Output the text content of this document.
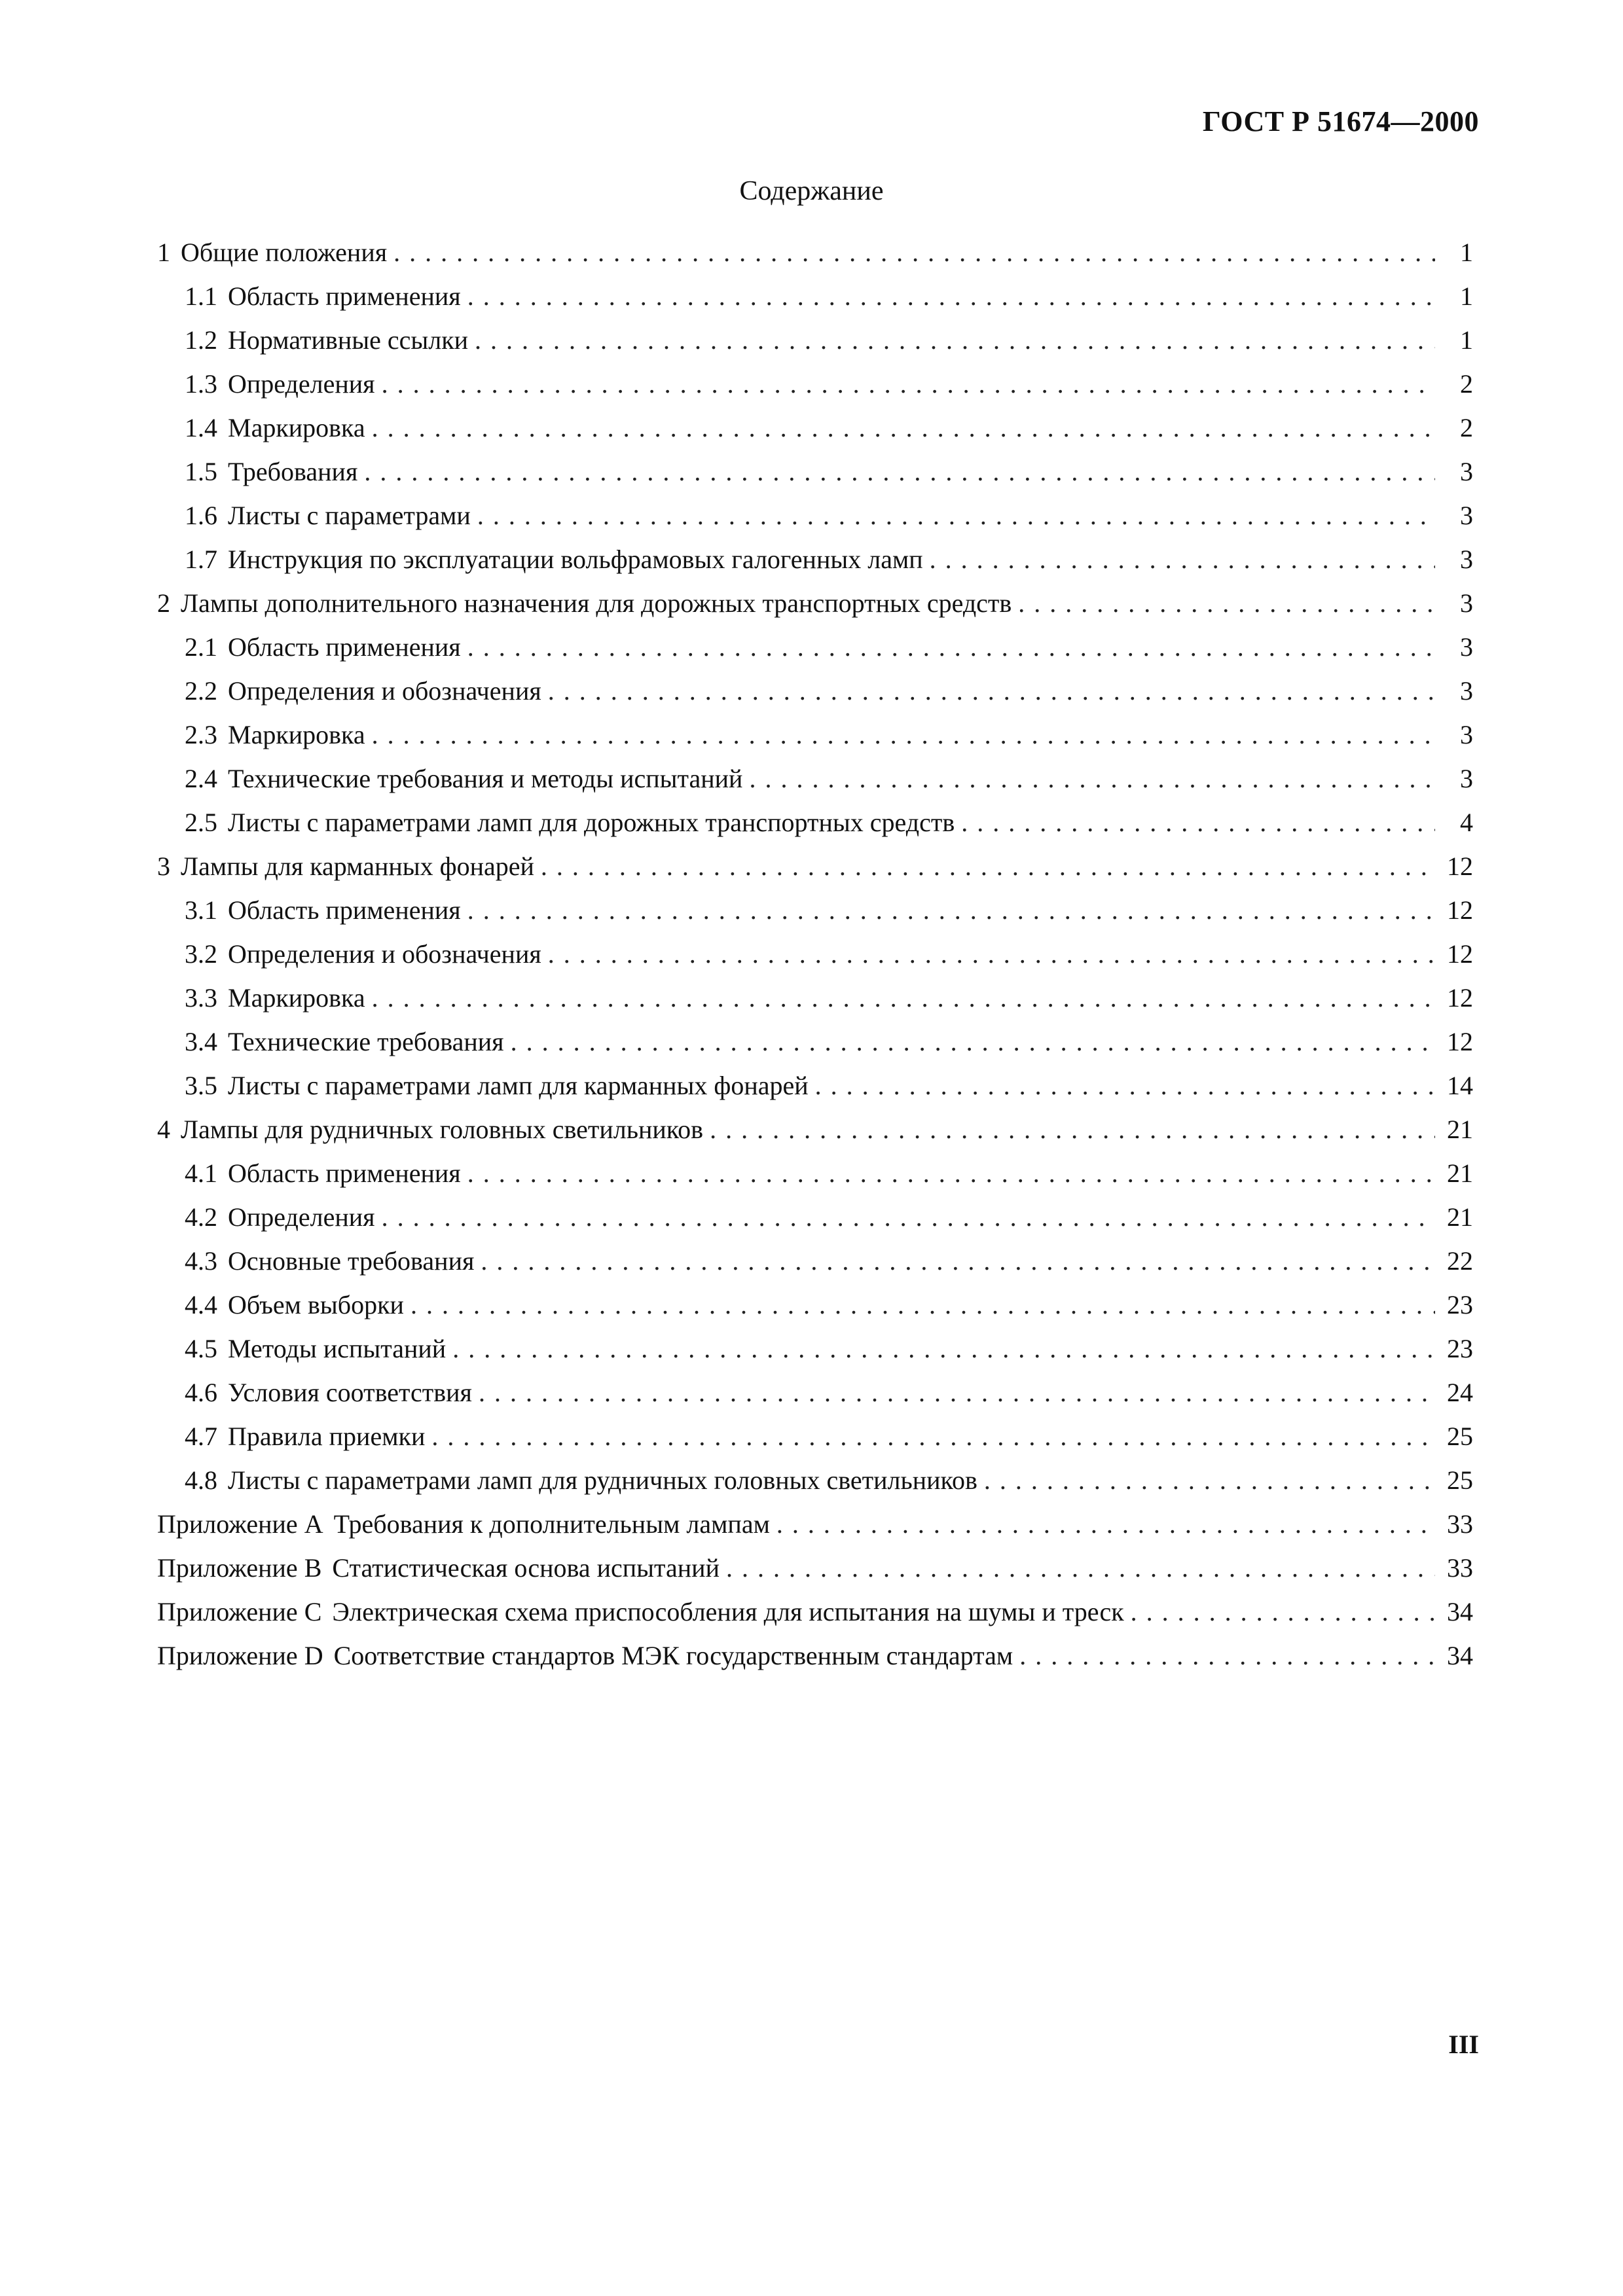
ГОСТ Р 51674—2000
Содержание
1 Общие положения .....	1
1.1 Область применения .....	1
1.2 Нормативные ссылки .....	1
1.3 Определения .....	2
1.4 Маркировка .....	2
1.5 Требования .....	3
1.6 Листы с параметрами .....	3
1.7 Инструкция по эксплуатации вольфрамовых галогенных ламп .....	3
2 Лампы дополнительного назначения для дорожных транспортных средств .....	3
2.1 Область применения .....	3
2.2 Определения и обозначения .....	3
2.3 Маркировка .....	3
2.4 Технические требования и методы испытаний .....	3
2.5 Листы с параметрами ламп для дорожных транспортных средств .....	4
3 Лампы для карманных фонарей .....	12
3.1 Область применения .....	12
3.2 Определения и обозначения .....	12
3.3 Маркировка .....	12
3.4 Технические требования .....	12
3.5 Листы с параметрами ламп для карманных фонарей .....	14
4 Лампы для рудничных головных светильников .....	21
4.1 Область применения .....	21
4.2 Определения .....	21
4.3 Основные требования .....	22
4.4 Объем выборки .....	23
4.5 Методы испытаний .....	23
4.6 Условия соответствия .....	24
4.7 Правила приемки .....	25
4.8 Листы с параметрами ламп для рудничных головных светильников .....	25
Приложение А Требования к дополнительным лампам .....	33
Приложение В Статистическая основа испытаний .....	33
Приложение С Электрическая схема приспособления для испытания на шумы и треск .....	34
Приложение D Соответствие стандартов МЭК государственным стандартам .....	34
III
